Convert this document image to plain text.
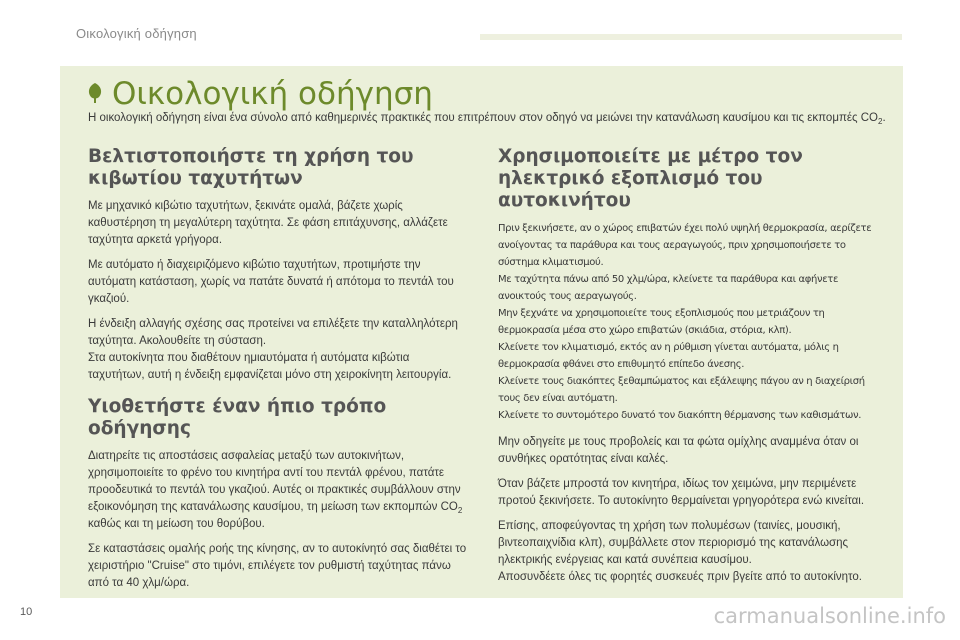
Οικολογική οδήγηση
Οικολογική οδήγηση
Η οικολογική οδήγηση είναι ένα σύνολο από καθημερινές πρακτικές που επιτρέπουν στον οδηγό να μειώνει την κατανάλωση καυσίμου και τις εκπομπές $CO_2$.
Βελτιστοποιήστε τη χρήση του κιβωτίου ταχυτήτων

Με μηχανικό κιβώτιο ταχυτήτων, ξεκινάτε ομαλά, βάζετε χωρίς καθυστέρηση τη μεγαλύτερη ταχύτητα. Σε φάση επιτάχυνσης, αλλάζετε ταχύτητα αρκετά γρήγορα.

Με αυτόματο ή διαχειριζόμενο κιβώτιο ταχυτήτων, προτιμήστε την αυτόματη κατάσταση, χωρίς να πατάτε δυνατά ή απότομα το πεντάλ του γκαζιού.

Η ένδειξη αλλαγής σχέσης σας προτείνει να επιλέξετε την καταλληλότερη ταχύτητα. Ακολουθείτε τη σύσταση.
Στα αυτοκίνητα που διαθέτουν ημιαυτόματα ή αυτόματα κιβώτια ταχυτήτων, αυτή η ένδειξη εμφανίζεται μόνο στη χειροκίνητη λειτουργία.

Υιοθετήστε έναν ήπιο τρόπο οδήγησης

Διατηρείτε τις αποστάσεις ασφαλείας μεταξύ των αυτοκινήτων, χρησιμοποιείτε το φρένο του κινητήρα αντί του πεντάλ φρένου, πατάτε προοδευτικά το πεντάλ του γκαζιού. Αυτές οι πρακτικές συμβάλλουν στην εξοικονόμηση της κατανάλωσης καυσίμου, τη μείωση των εκπομπών $CO_2$ καθώς και τη μείωση του θορύβου.

Σε καταστάσεις ομαλής ροής της κίνησης, αν το αυτοκίνητό σας διαθέτει το χειριστήριο "Cruise" στο τιμόνι, επιλέγετε τον ρυθμιστή ταχύτητας πάνω από τα 40 χλμ/ώρα.

Χρησιμοποιείτε με μέτρο τον ηλεκτρικό εξοπλισμό του αυτοκινήτου

Πριν ξεκινήσετε, αν ο χώρος επιβατών έχει πολύ υψηλή θερμοκρασία, αερίζετε ανοίγοντας τα παράθυρα και τους αεραγωγούς, πριν χρησιμοποιήσετε το σύστημα κλιματισμού.

Με ταχύτητα πάνω από 50 χλμ/ώρα, κλείνετε τα παράθυρα και αφήνετε ανοικτούς τους αεραγωγούς.

Μην ξεχνάτε να χρησιμοποιείτε τους εξοπλισμούς που μετριάζουν τη θερμοκρασία μέσα στο χώρο επιβατών (σκιάδια, στόρια, κλπ).

Κλείνετε τον κλιματισμό, εκτός αν η ρύθμιση γίνεται αυτόματα, μόλις η θερμοκρασία φθάνει στο επιθυμητό επίπεδο άνεσης.

Κλείνετε τους διακόπτες ξεθαμπώματος και εξάλειψης πάγου αν η διαχείρισή τους δεν είναι αυτόματη.

Κλείνετε το συντομότερο δυνατό τον διακόπτη θέρμανσης των καθισμάτων.

Μην οδηγείτε με τους προβολείς και τα φώτα ομίχλης αναμμένα όταν οι συνθήκες ορατότητας είναι καλές.

Όταν βάζετε μπροστά τον κινητήρα, ιδίως τον χειμώνα, μην περιμένετε προτού ξεκινήσετε. Το αυτοκίνητο θερμαίνεται γρηγορότερα ενώ κινείται.

Επίσης, αποφεύγοντας τη χρήση των πολυμέσων (ταινίες, μουσική, βιντεοπαιχνίδια κλπ), συμβάλλετε στον περιορισμό της κατανάλωσης ηλεκτρικής ενέργειας και κατά συνέπεια καυσίμου.
Αποσυνδέετε όλες τις φορητές συσκευές πριν βγείτε από το αυτοκίνητο.

10	carmanualsonline.info
